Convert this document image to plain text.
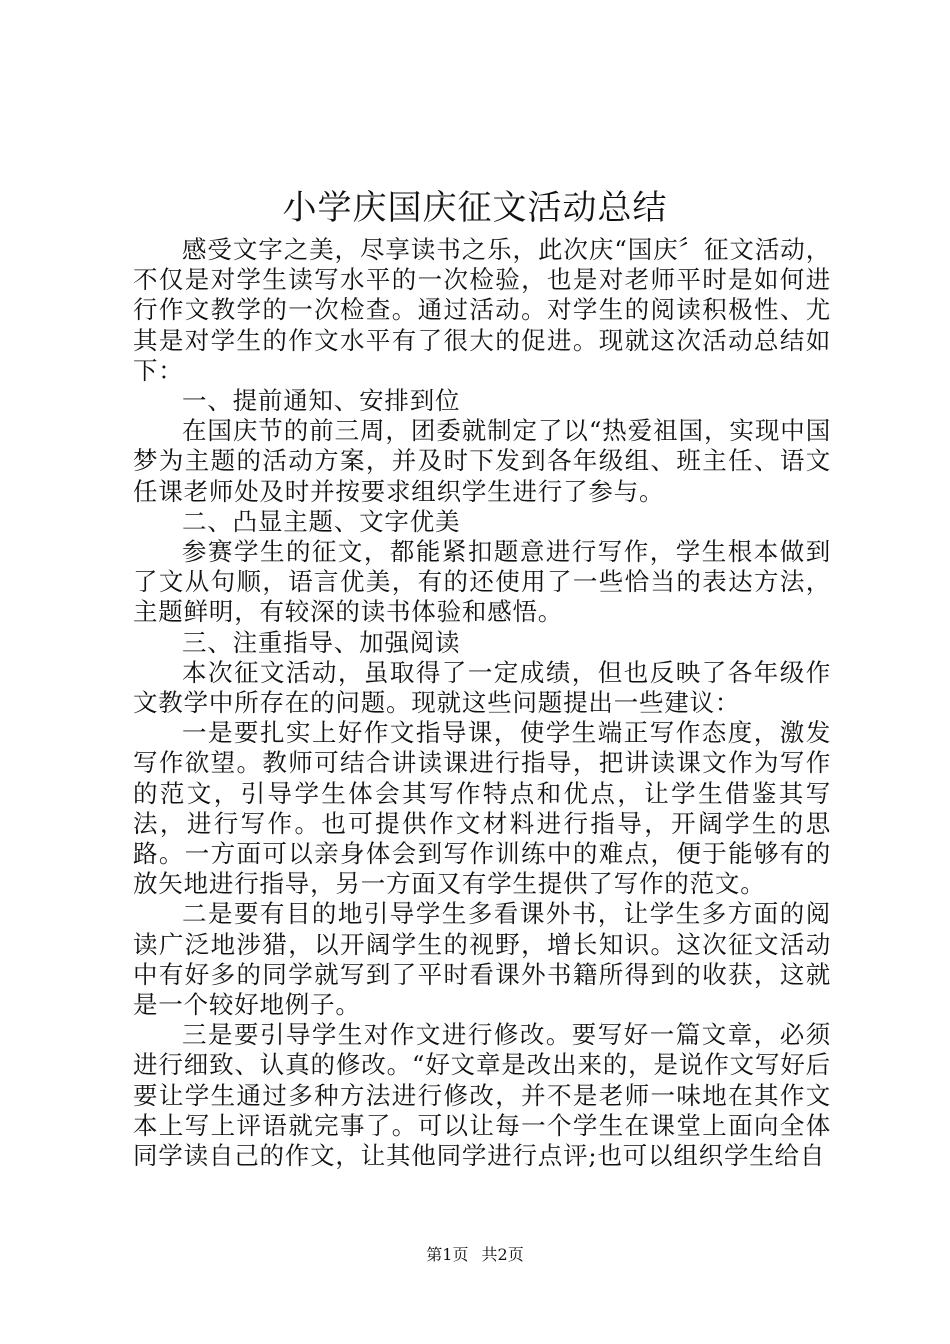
小学庆国庆征文活动总结

感受文字之美，尽享读书之乐，此次庆“国庆〞征文活动，不仅是对学生读写水平的一次检验，也是对老师平时是如何进行作文教学的一次检查。通过活动。对学生的阅读积极性、尤其是对学生的作文水平有了很大的促进。现就这次活动总结如下：

一、提前通知、安排到位

在国庆节的前三周，团委就制定了以“热爱祖国，实现中国梦为主题的活动方案，并及时下发到各年级组、班主任、语文任课老师处及时并按要求组织学生进行了参与。

二、凸显主题、文字优美

参赛学生的征文，都能紧扣题意进行写作，学生根本做到了文从句顺，语言优美，有的还使用了一些恰当的表达方法，主题鲜明，有较深的读书体验和感悟。

三、注重指导、加强阅读

本次征文活动，虽取得了一定成绩，但也反映了各年级作文教学中所存在的问题。现就这些问题提出一些建议：

一是要扎实上好作文指导课，使学生端正写作态度，激发写作欲望。教师可结合讲读课进行指导，把讲读课文作为写作的范文，引导学生体会其写作特点和优点，让学生借鉴其写法，进行写作。也可提供作文材料进行指导，开阔学生的思路。一方面可以亲身体会到写作训练中的难点，便于能够有的放矢地进行指导，另一方面又有学生提供了写作的范文。

二是要有目的地引导学生多看课外书，让学生多方面的阅读广泛地涉猎，以开阔学生的视野，增长知识。这次征文活动中有好多的同学就写到了平时看课外书籍所得到的收获，这就是一个较好地例子。

三是要引导学生对作文进行修改。要写好一篇文章，必须进行细致、认真的修改。“好文章是改出来的，是说作文写好后要让学生通过多种方法进行修改，并不是老师一味地在其作文本上写上评语就完事了。可以让每一个学生在课堂上面向全体同学读自己的作文，让其他同学进行点评;也可以组织学生给自

第1页 共2页
